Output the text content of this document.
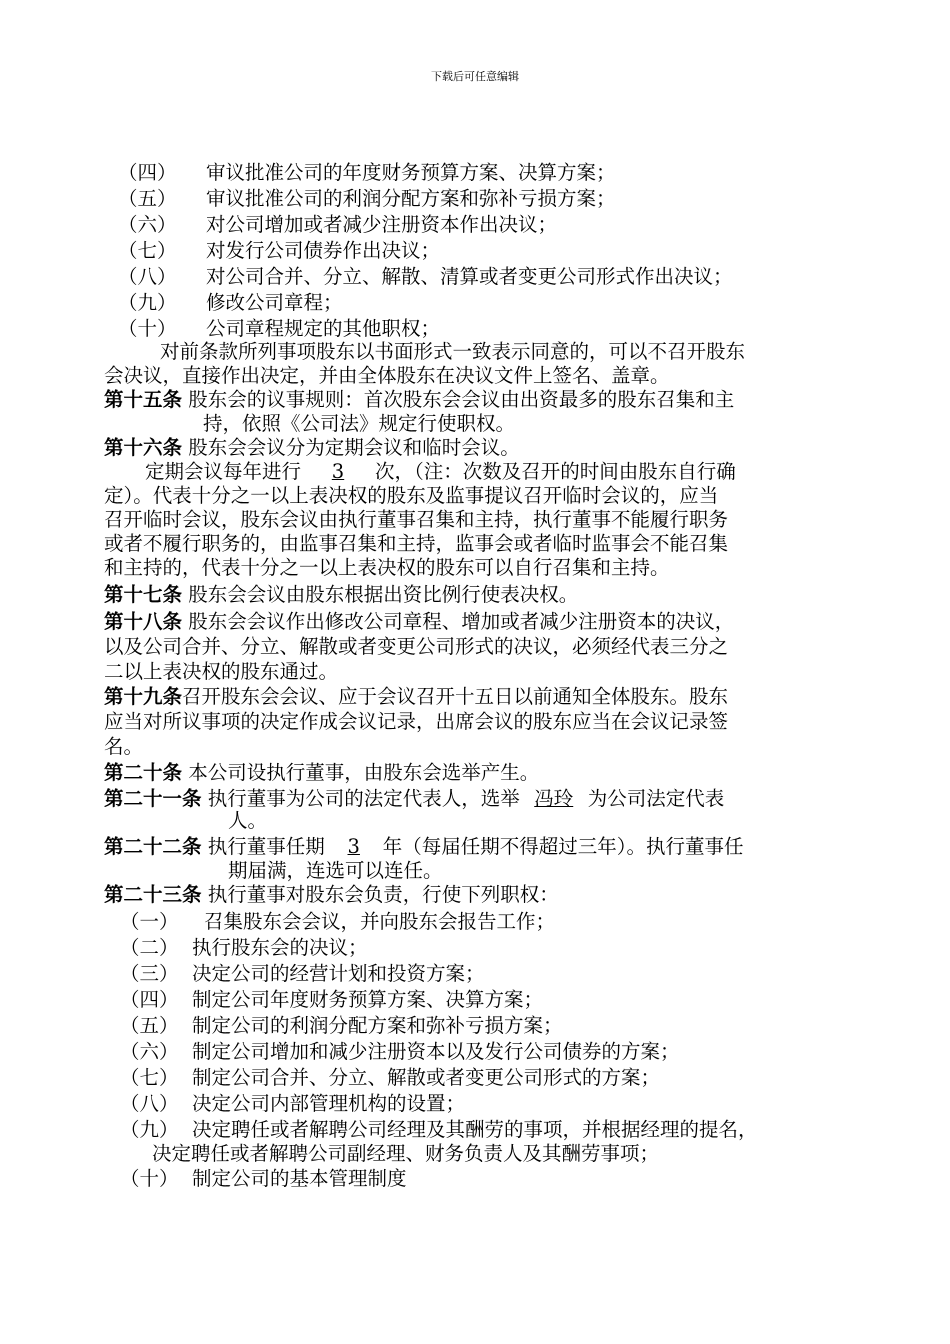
下载后可任意编辑
（四） 审议批准公司的年度财务预算方案、决算方案；
（五） 审议批准公司的利润分配方案和弥补亏损方案；
（六） 对公司增加或者减少注册资本作出决议；
（七） 对发行公司债券作出决议；
（八） 对公司合并、分立、解散、清算或者变更公司形式作出决议；
（九） 修改公司章程；
（十） 公司章程规定的其他职权；
对前条款所列事项股东以书面形式一致表示同意的，可以不召开股东
会决议，直接作出决定，并由全体股东在决议文件上签名、盖章。
第十五条 股东会的议事规则：首次股东会会议由出资最多的股东召集和主
持，依照《公司法》规定行使职权。
第十六条 股东会会议分为定期会议和临时会议。
定期会议每年进行 3 次，（注：次数及召开的时间由股东自行确
定）。代表十分之一以上表决权的股东及监事提议召开临时会议的，应当
召开临时会议，股东会议由执行董事召集和主持，执行董事不能履行职务
或者不履行职务的，由监事召集和主持，监事会或者临时监事会不能召集
和主持的，代表十分之一以上表决权的股东可以自行召集和主持。
第十七条 股东会会议由股东根据出资比例行使表决权。
第十八条 股东会会议作出修改公司章程、增加或者减少注册资本的决议，
以及公司合并、分立、解散或者变更公司形式的决议，必须经代表三分之
二以上表决权的股东通过。
第十九条召开股东会会议、应于会议召开十五日以前通知全体股东。股东
应当对所议事项的决定作成会议记录，出席会议的股东应当在会议记录签
名。
第二十条 本公司设执行董事，由股东会选举产生。
第二十一条 执行董事为公司的法定代表人，选举 冯玲 为公司法定代表
人。
第二十二条 执行董事任期 3 年（每届任期不得超过三年）。执行董事任
期届满，连选可以连任。
第二十三条 执行董事对股东会负责，行使下列职权：
（一） 召集股东会会议，并向股东会报告工作；
（二） 执行股东会的决议；
（三） 决定公司的经营计划和投资方案；
（四） 制定公司年度财务预算方案、决算方案；
（五） 制定公司的利润分配方案和弥补亏损方案；
（六） 制定公司增加和减少注册资本以及发行公司债券的方案；
（七） 制定公司合并、分立、解散或者变更公司形式的方案；
（八） 决定公司内部管理机构的设置；
（九） 决定聘任或者解聘公司经理及其酬劳的事项，并根据经理的提名，
决定聘任或者解聘公司副经理、财务负责人及其酬劳事项；
（十） 制定公司的基本管理制度
